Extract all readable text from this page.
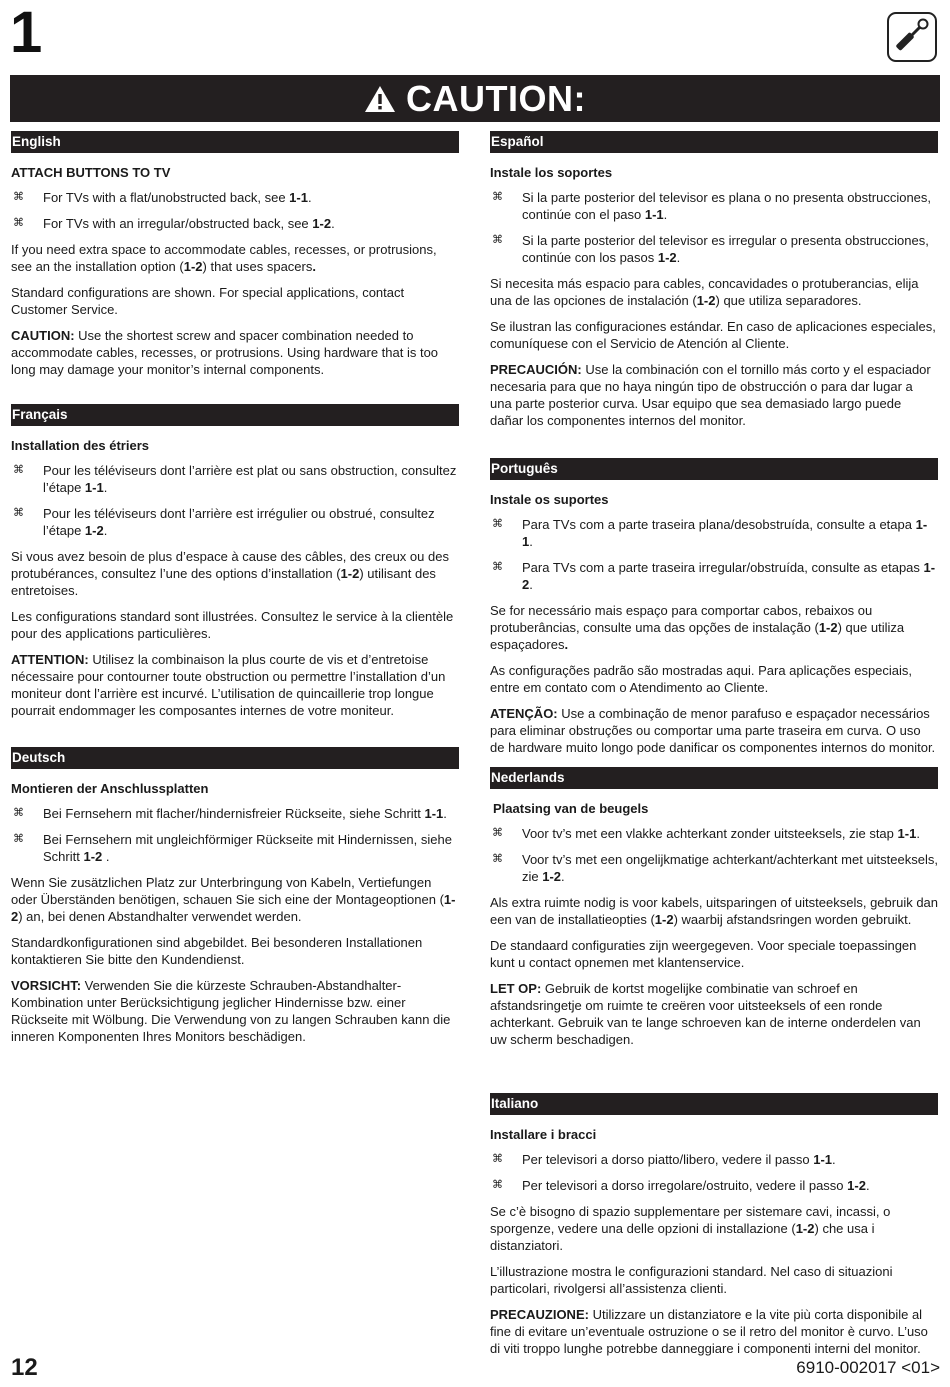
1
CAUTION:
English
ATTACH BUTTONS TO TV
⌘ For TVs with a flat/unobstructed back, see 1-1.
⌘ For TVs with an irregular/obstructed back, see 1-2.

If you need extra space to accommodate cables, recesses, or protrusions, see an the installation option (1-2) that uses spacers.

Standard configurations are shown. For special applications, contact Customer Service.

CAUTION: Use the shortest screw and spacer combination needed to accommodate cables, recesses, or protrusions. Using hardware that is too long may damage your monitor’s internal components.

Français
Installation des étriers
⌘ Pour les téléviseurs dont l’arrière est plat ou sans obstruction, consultez l’étape 1-1.
⌘ Pour les téléviseurs dont l’arrière est irrégulier ou obstrué, consultez l’étape 1-2.

Si vous avez besoin de plus d’espace à cause des câbles, des creux ou des protubérances, consultez l’une des options d’installation (1-2) utilisant des entretoises.

Les configurations standard sont illustrées. Consultez le service à la clientèle pour des applications particulières.

ATTENTION: Utilisez la combinaison la plus courte de vis et d’entretoise nécessaire pour contourner toute obstruction ou permettre l’installation d’un moniteur dont l’arrière est incurvé. L’utilisation de quincaillerie trop longue pourrait endommager les composantes internes de votre moniteur.

Deutsch
Montieren der Anschlussplatten
⌘ Bei Fernsehern mit flacher/hindernisfreier Rückseite, siehe Schritt 1-1.
⌘ Bei Fernsehern mit ungleichförmiger Rückseite mit Hindernissen, siehe Schritt 1-2 .

Wenn Sie zusätzlichen Platz zur Unterbringung von Kabeln, Vertiefungen oder Überständen benötigen, schauen Sie sich eine der Montageoptionen (1-2) an, bei denen Abstandhalter verwendet werden.

Standardkonfigurationen sind abgebildet. Bei besonderen Installationen kontaktieren Sie bitte den Kundendienst.

VORSICHT: Verwenden Sie die kürzeste Schrauben-Abstandhalter-Kombination unter Berücksichtigung jeglicher Hindernisse bzw. einer Rückseite mit Wölbung. Die Verwendung von zu langen Schrauben kann die inneren Komponenten Ihres Monitors beschädigen.

Español
Instale los soportes
⌘ Si la parte posterior del televisor es plana o no presenta obstrucciones, continúe con el paso 1-1.
⌘ Si la parte posterior del televisor es irregular o presenta obstrucciones, continúe con los pasos 1-2.

Si necesita más espacio para cables, concavidades o protuberancias, elija una de las opciones de instalación (1-2) que utiliza separadores.

Se ilustran las configuraciones estándar. En caso de aplicaciones especiales, comuníquese con el Servicio de Atención al Cliente.

PRECAUCIÓN: Use la combinación con el tornillo más corto y el espaciador necesaria para que no haya ningún tipo de obstrucción o para dar lugar a una parte posterior curva. Usar equipo que sea demasiado largo puede dañar los componentes internos del monitor.

Português
Instale os suportes
⌘ Para TVs com a parte traseira plana/desobstruída, consulte a etapa 1-1.
⌘ Para TVs com a parte traseira irregular/obstruída, consulte as etapas 1-2.

Se for necessário mais espaço para comportar cabos, rebaixos ou protuberâncias, consulte uma das opções de instalação (1-2) que utiliza espaçadores.

As configurações padrão são mostradas aqui. Para aplicações especiais, entre em contato com o Atendimento ao Cliente.

ATENÇÃO: Use a combinação de menor parafuso e espaçador necessários para eliminar obstruções ou comportar uma parte traseira em curva. O uso de hardware muito longo pode danificar os componentes internos do monitor.

Nederlands
Plaatsing van de beugels
⌘ Voor tv’s met een vlakke achterkant zonder uitsteeksels, zie stap 1-1.
⌘ Voor tv’s met een ongelijkmatige achterkant/achterkant met uitsteeksels, zie 1-2.

Als extra ruimte nodig is voor kabels, uitsparingen of uitsteeksels, gebruik dan een van de installatieopties (1-2) waarbij afstandsringen worden gebruikt.

De standaard configuraties zijn weergegeven. Voor speciale toepassingen kunt u contact opnemen met klantenservice.

LET OP: Gebruik de kortst mogelijke combinatie van schroef en afstandsringetje om ruimte te creëren voor uitsteeksels of een ronde achterkant. Gebruik van te lange schroeven kan de interne onderdelen van uw scherm beschadigen.

Italiano
Installare i bracci
⌘ Per televisori a dorso piatto/libero, vedere il passo 1-1.
⌘ Per televisori a dorso irregolare/ostruito, vedere il passo 1-2.

Se c’è bisogno di spazio supplementare per sistemare cavi, incassi, o sporgenze, vedere una delle opzioni di installazione (1-2) che usa i distanziatori.

L’illustrazione mostra le configurazioni standard. Nel caso di situazioni particolari, rivolgersi all’assistenza clienti.

PRECAUZIONE: Utilizzare un distanziatore e la vite più corta disponibile al fine di evitare un’eventuale ostruzione o se il retro del monitor è curvo. L’uso di viti troppo lunghe potrebbe danneggiare i componenti interni del monitor.

12	6910-002017 <01>
